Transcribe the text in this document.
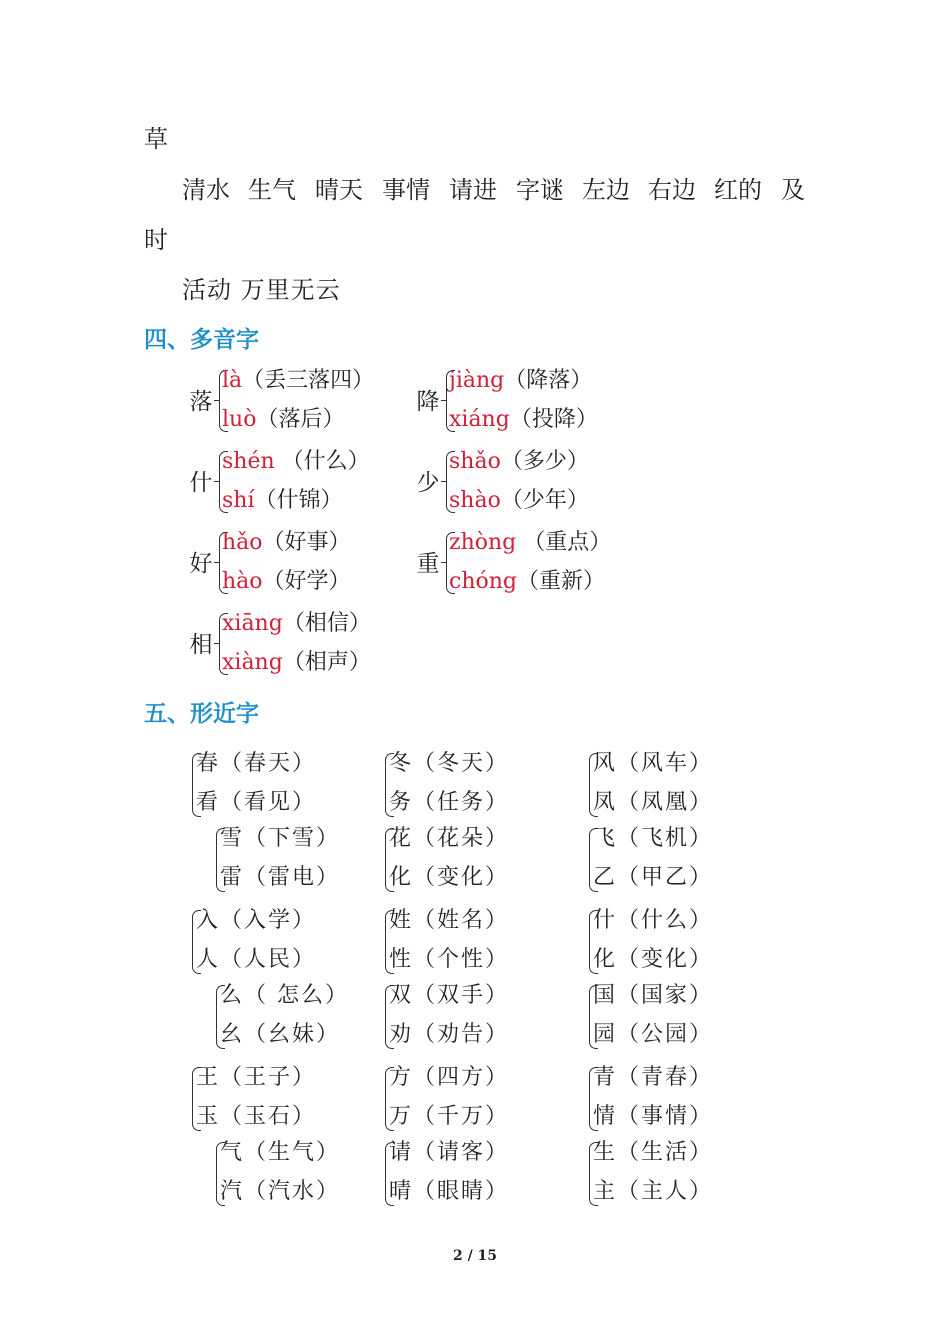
草
清水 生气 晴天 事情 请进 字谜 左边 右边 红的 及
时
活动 万里无云
四、多音字
落
là（丢三落四）
luò（落后）
降
jiàng（降落）
xiáng（投降）
什
shén （什么）
shí（什锦）
少
shǎo（多少）
shào（少年）
好
hǎo（好事）
hào（好学）
重
zhòng （重点）
chóng（重新）
相
xiāng（相信）
xiàng（相声）
五、形近字
春（春天）
看（看见）
冬（冬天）
务（任务）
风（风车）
凤（凤凰）
雪（下雪）
雷（雷电）
花（花朵）
化（变化）
飞（飞机）
乙（甲乙）
入（入学）
人（人民）
姓（姓名）
性（个性）
什（什么）
化（变化）
么（ 怎么）
幺（幺妹）
双（双手）
劝（劝告）
国（国家）
园（公园）
王（王子）
玉（玉石）
方（四方）
万（千万）
青（青春）
情（事情）
气（生气）
汽（汽水）
请（请客）
晴（眼睛）
生（生活）
主（主人）
2 / 15
